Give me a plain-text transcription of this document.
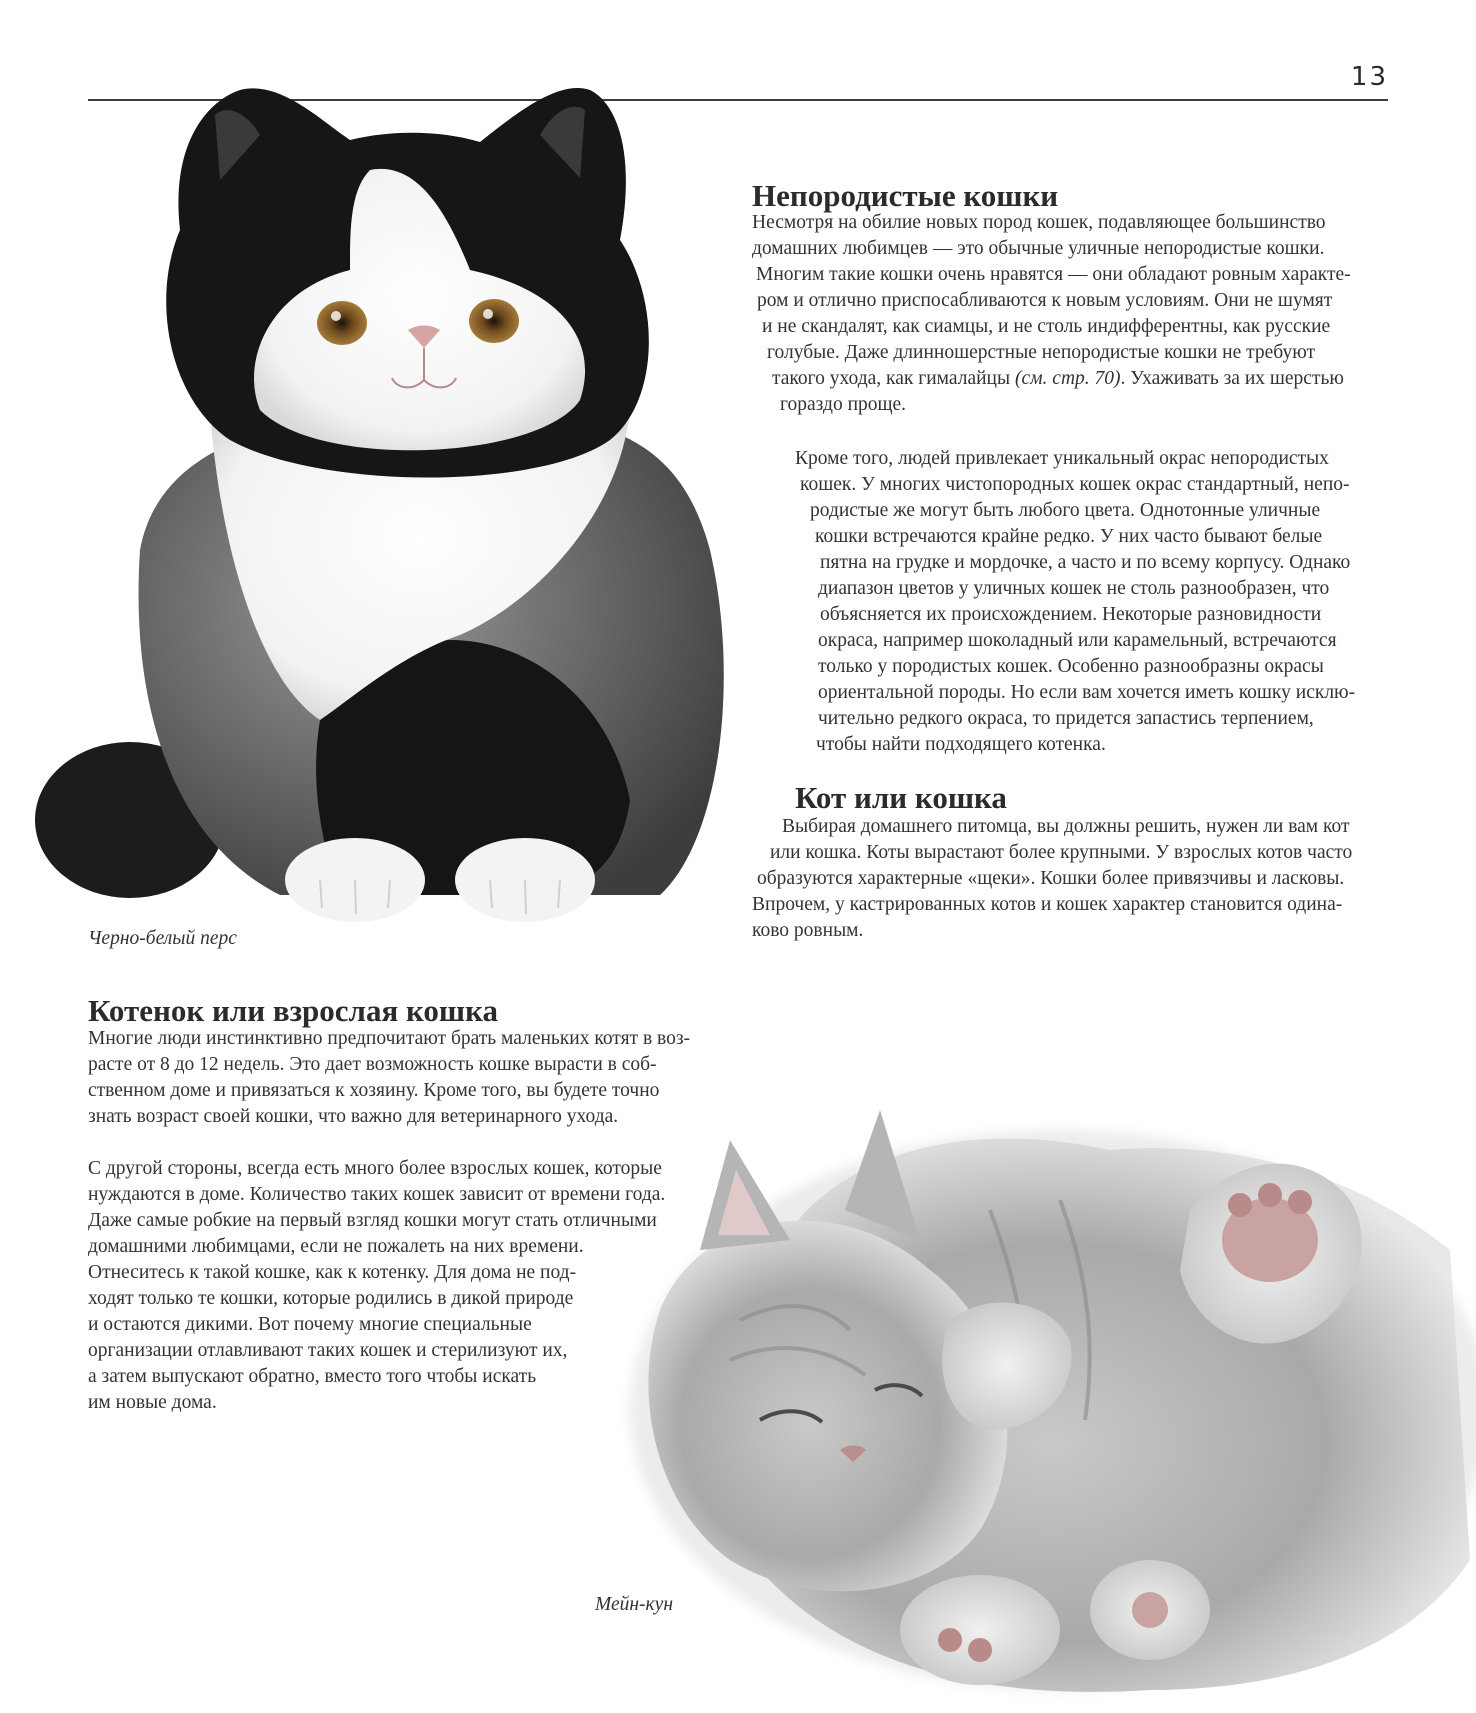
13
Непородистые кошки
Несмотря на обилие новых пород кошек, подавляющее большинство
домашних любимцев — это обычные уличные непородистые кошки.
Многим такие кошки очень нравятся — они обладают ровным характе-
ром и отлично приспосабливаются к новым условиям. Они не шумят
и не скандалят, как сиамцы, и не столь индифферентны, как русские
голубые. Даже длинношерстные непородистые кошки не требуют
такого ухода, как гималайцы (см. стр. 70). Ухаживать за их шерстью
гораздо проще.
Кроме того, людей привлекает уникальный окрас непородистых
кошек. У многих чистопородных кошек окрас стандартный, непо-
родистые же могут быть любого цвета. Однотонные уличные
кошки встречаются крайне редко. У них часто бывают белые
пятна на грудке и мордочке, а часто и по всему корпусу. Однако
диапазон цветов у уличных кошек не столь разнообразен, что
объясняется их происхождением. Некоторые разновидности
окраса, например шоколадный или карамельный, встречаются
только у породистых кошек. Особенно разнообразны окрасы
ориентальной породы. Но если вам хочется иметь кошку исклю-
чительно редкого окраса, то придется запастись терпением,
чтобы найти подходящего котенка.
Кот или кошка
Выбирая домашнего питомца, вы должны решить, нужен ли вам кот
или кошка. Коты вырастают более крупными. У взрослых котов часто
образуются характерные «щеки». Кошки более привязчивы и ласковы.
Впрочем, у кастрированных котов и кошек характер становится одина-
ково ровным.
Черно-белый перс
Котенок или взрослая кошка
Многие люди инстинктивно предпочитают брать маленьких котят в воз-
расте от 8 до 12 недель. Это дает возможность кошке вырасти в соб-
ственном доме и привязаться к хозяину. Кроме того, вы будете точно
знать возраст своей кошки, что важно для ветеринарного ухода.
С другой стороны, всегда есть много более взрослых кошек, которые
нуждаются в доме. Количество таких кошек зависит от времени года.
Даже самые робкие на первый взгляд кошки могут стать отличными
домашними любимцами, если не пожалеть на них времени.
Отнеситесь к такой кошке, как к котенку. Для дома не под-
ходят только те кошки, которые родились в дикой природе
и остаются дикими. Вот почему многие специальные
организации отлавливают таких кошек и стерилизуют их,
а затем выпускают обратно, вместо того чтобы искать
им новые дома.
Мейн-кун
